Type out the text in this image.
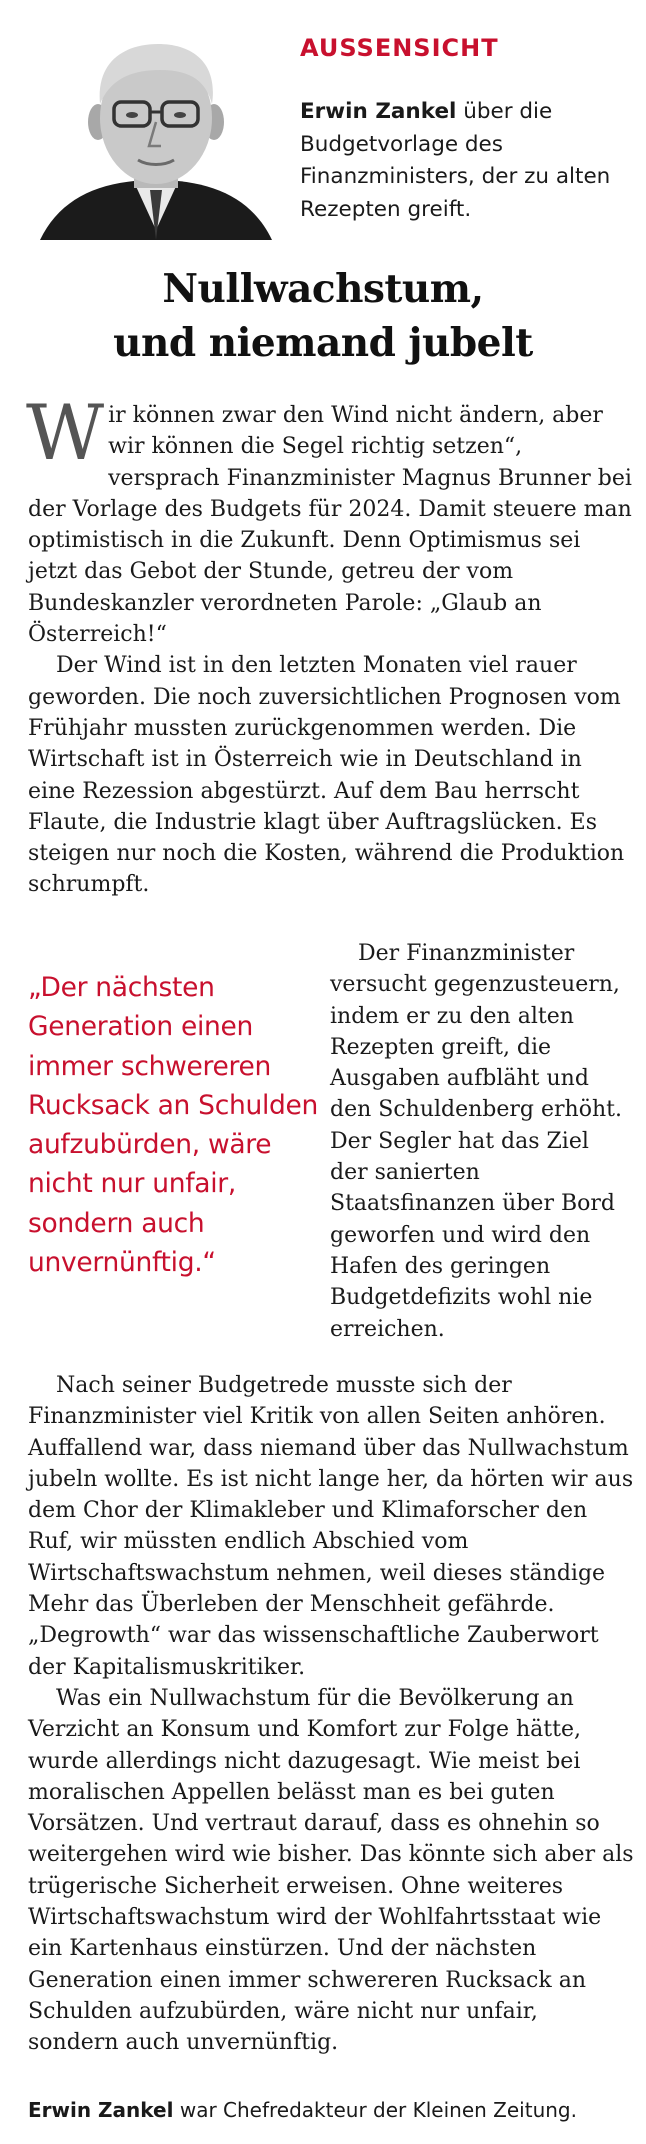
AUSSENSICHT
Erwin Zankel über die Budgetvorlage des Finanzministers, der zu alten Rezepten greift.
Nullwachstum,
und niemand jubelt

Wir können zwar den Wind nicht ändern, aber wir können die Segel richtig setzen“, versprach Finanzminister Magnus Brunner bei der Vorlage des Budgets für 2024. Damit steuere man optimistisch in die Zukunft. Denn Optimismus sei jetzt das Gebot der Stunde, getreu der vom Bundeskanzler verordneten Parole: „Glaub an Österreich!“

Der Wind ist in den letzten Monaten viel rauer geworden. Die noch zuversichtlichen Prognosen vom Frühjahr mussten zurückgenommen werden. Die Wirtschaft ist in Österreich wie in Deutschland in eine Rezession abgestürzt. Auf dem Bau herrscht Flaute, die Industrie klagt über Auftragslücken. Es steigen nur noch die Kosten, während die Produktion schrumpft.

„Der nächsten Generation einen immer schwereren Rucksack an Schulden aufzubürden, wäre nicht nur unfair, sondern auch unvernünftig.“

Der Finanzminister versucht gegenzusteuern, indem er zu den alten Rezepten greift, die Ausgaben aufbläht und den Schuldenberg erhöht. Der Segler hat das Ziel der sanierten Staatsfinanzen über Bord geworfen und wird den Hafen des geringen Budgetdefizits wohl nie erreichen.

Nach seiner Budgetrede musste sich der Finanzminister viel Kritik von allen Seiten anhören. Auffallend war, dass niemand über das Nullwachstum jubeln wollte. Es ist nicht lange her, da hörten wir aus dem Chor der Klimakleber und Klimaforscher den Ruf, wir müssten endlich Abschied vom Wirtschaftswachstum nehmen, weil dieses ständige Mehr das Überleben der Menschheit gefährde. „Degrowth“ war das wissenschaftliche Zauberwort der Kapitalismuskritiker.

Was ein Nullwachstum für die Bevölkerung an Verzicht an Konsum und Komfort zur Folge hätte, wurde allerdings nicht dazugesagt. Wie meist bei moralischen Appellen belässt man es bei guten Vorsätzen. Und vertraut darauf, dass es ohnehin so weitergehen wird wie bisher. Das könnte sich aber als trügerische Sicherheit erweisen. Ohne weiteres Wirtschaftswachstum wird der Wohlfahrtsstaat wie ein Kartenhaus einstürzen. Und der nächsten Generation einen immer schwereren Rucksack an Schulden aufzubürden, wäre nicht nur unfair, sondern auch unvernünftig.

Erwin Zankel war Chefredakteur der Kleinen Zeitung.
